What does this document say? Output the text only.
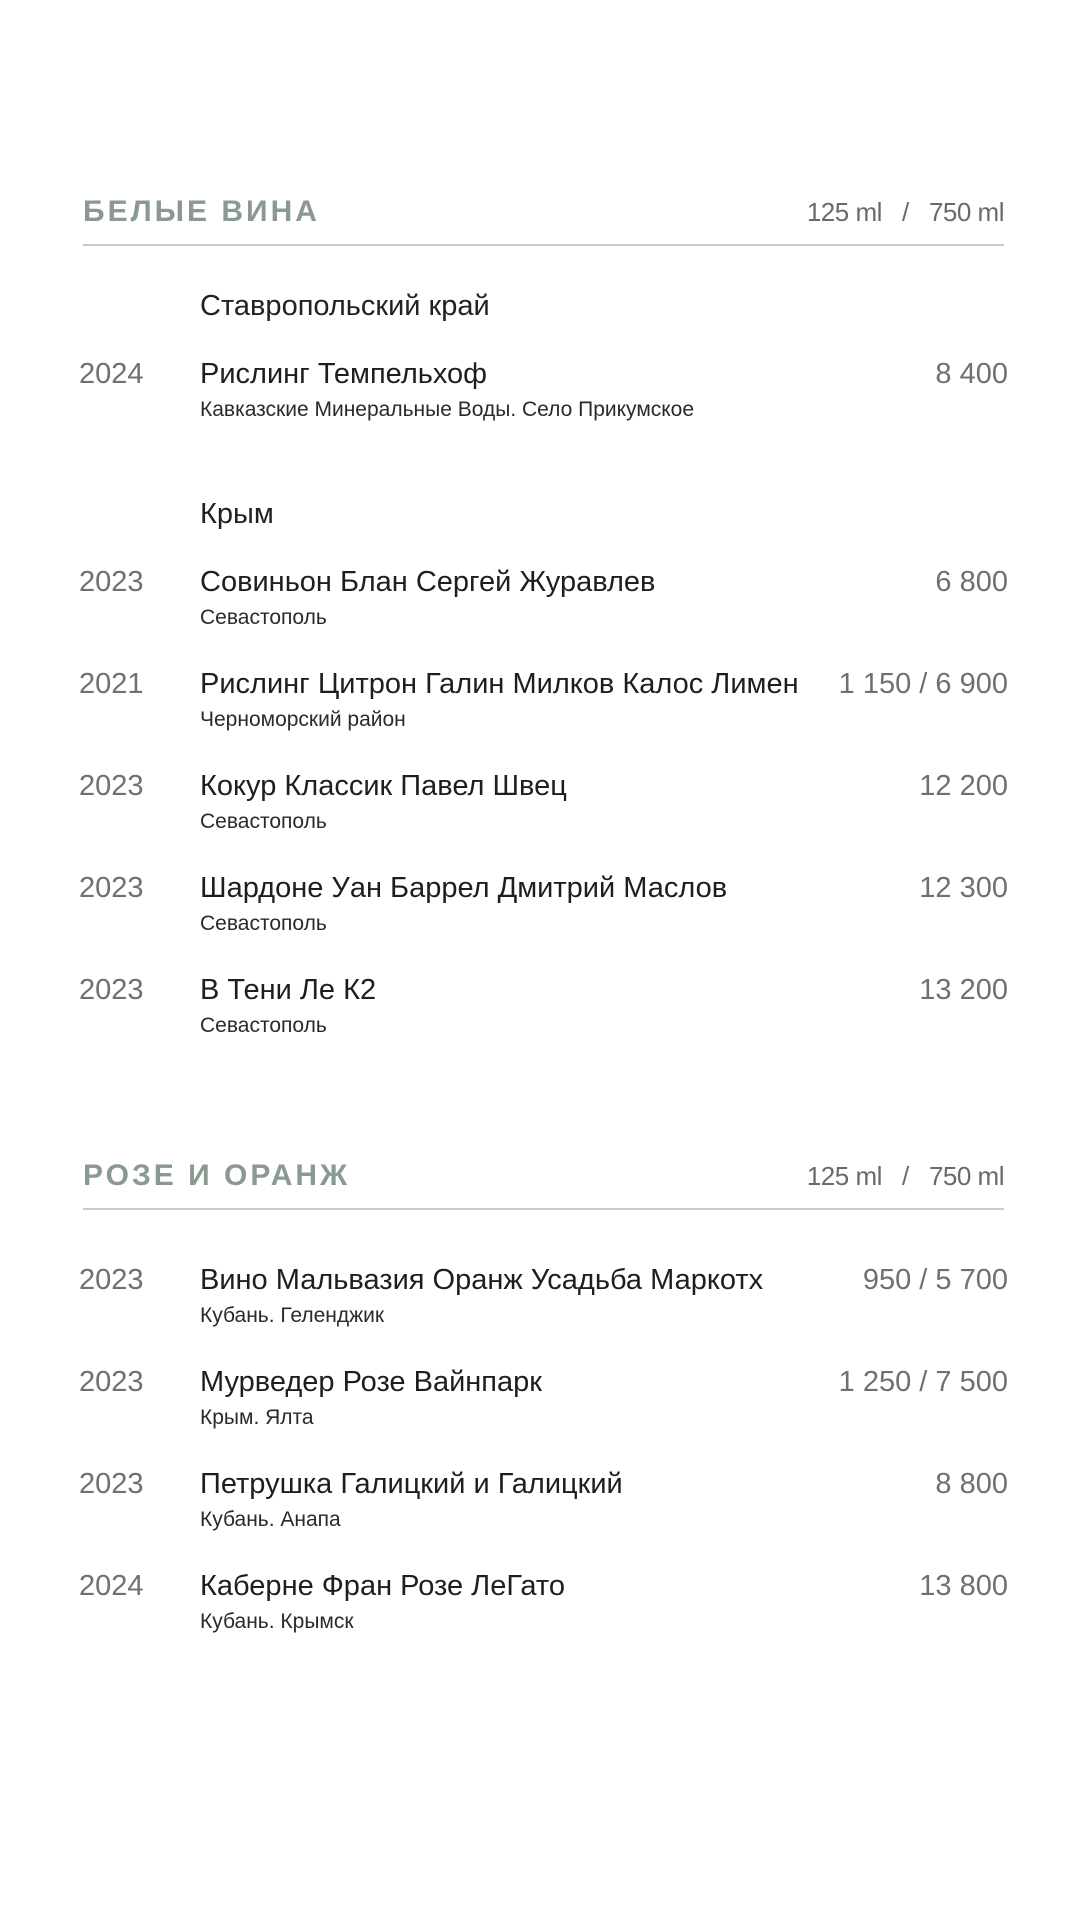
БЕЛЫЕ ВИНА	125 ml   /   750 ml
Ставропольский край
2024 Рислинг Темпельхоф
Кавказские Минеральные Воды. Село Прикумское
8 400
Крым
2023 Совиньон Блан Сергей Журавлев
Севастополь
6 800
2021 Рислинг Цитрон Галин Милков Калос Лимен
Черноморский район
1 150 / 6 900
2023 Кокур Классик Павел Швец
Севастополь
12 200
2023 Шардоне Уан Баррел Дмитрий Маслов
Севастополь
12 300
2023 В Тени Ле К2
Севастополь
13 200
РОЗЕ И ОРАНЖ	125 ml   /   750 ml
2023 Вино Мальвазия Оранж Усадьба Маркотх
Кубань. Геленджик
950 / 5 700
2023 Мурведер Розе Вайнпарк
Крым. Ялта
1 250 / 7 500
2023 Петрушка Галицкий и Галицкий
Кубань. Анапа
8 800
2024 Каберне Фран Розе ЛеГато
Кубань. Крымск
13 800
